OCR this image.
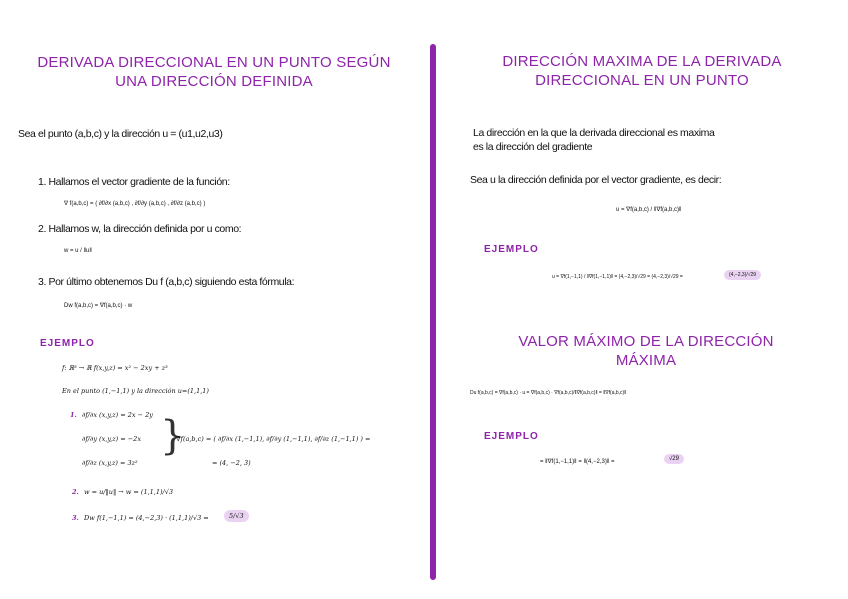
DERIVADA DIRECCIONAL EN UN PUNTO SEGÚN
UNA DIRECCIÓN DEFINIDA
Sea el punto (a,b,c) y la dirección u = (u1,u2,u3)
1. Hallamos el vector gradiente de la función:
∇ f(a,b,c) = ( ∂f/∂x (a,b,c) , ∂f/∂y (a,b,c) , ∂f/∂z (a,b,c) )
2. Hallamos w, la dirección definida por u como:
w = u / ‖u‖
3. Por último obtenemos Du f (a,b,c) siguiendo esta fórmula:
Dw f(a,b,c) = ∇f(a,b,c) · w
EJEMPLO
f: ℝ³ → ℝ f(x,y,z) = x² − 2xy + z³
En el punto (1,−1,1) y la dirección u=(1,1,1)
1. ∂f/∂x (x,y,z) = 2x − 2y
∂f/∂y (x,y,z) = −2x
∂f/∂z (x,y,z) = 3z²
}
∇f(a,b,c) = ( ∂f/∂x (1,−1,1), ∂f/∂y (1,−1,1), ∂f/∂z (1,−1,1) ) =
= (4, −2, 3)
2. w = u/‖u‖ → w = (1,1,1)/√3
3. Dw f(1,−1,1) = (4,−2,3) · (1,1,1)/√3 =	5/√3
DIRECCIÓN MAXIMA DE LA DERIVADA
DIRECCIONAL EN UN PUNTO
La dirección en la que la derivada direccional es maxima
es la dirección del gradiente
Sea u la dirección definida por el vector gradiente, es decir:
u = ∇f(a,b,c) / ‖∇f(a,b,c)‖
EJEMPLO
u = ∇f(1,−1,1) / ‖∇f(1,−1,1)‖ = (4,−2,3)/√29 = (4,−2,3)/√29 =	(4,−2,3)/√29
VALOR MÁXIMO DE LA DIRECCIÓN
MÁXIMA
Du f(a,b,c) = ∇f(a,b,c) · u = ∇f(a,b,c) · ∇f(a,b,c)/‖∇f(a,b,c)‖ = ‖∇f(a,b,c)‖
EJEMPLO
= ‖∇f(1,−1,1)‖ = ‖(4,−2,3)‖ =	√29
